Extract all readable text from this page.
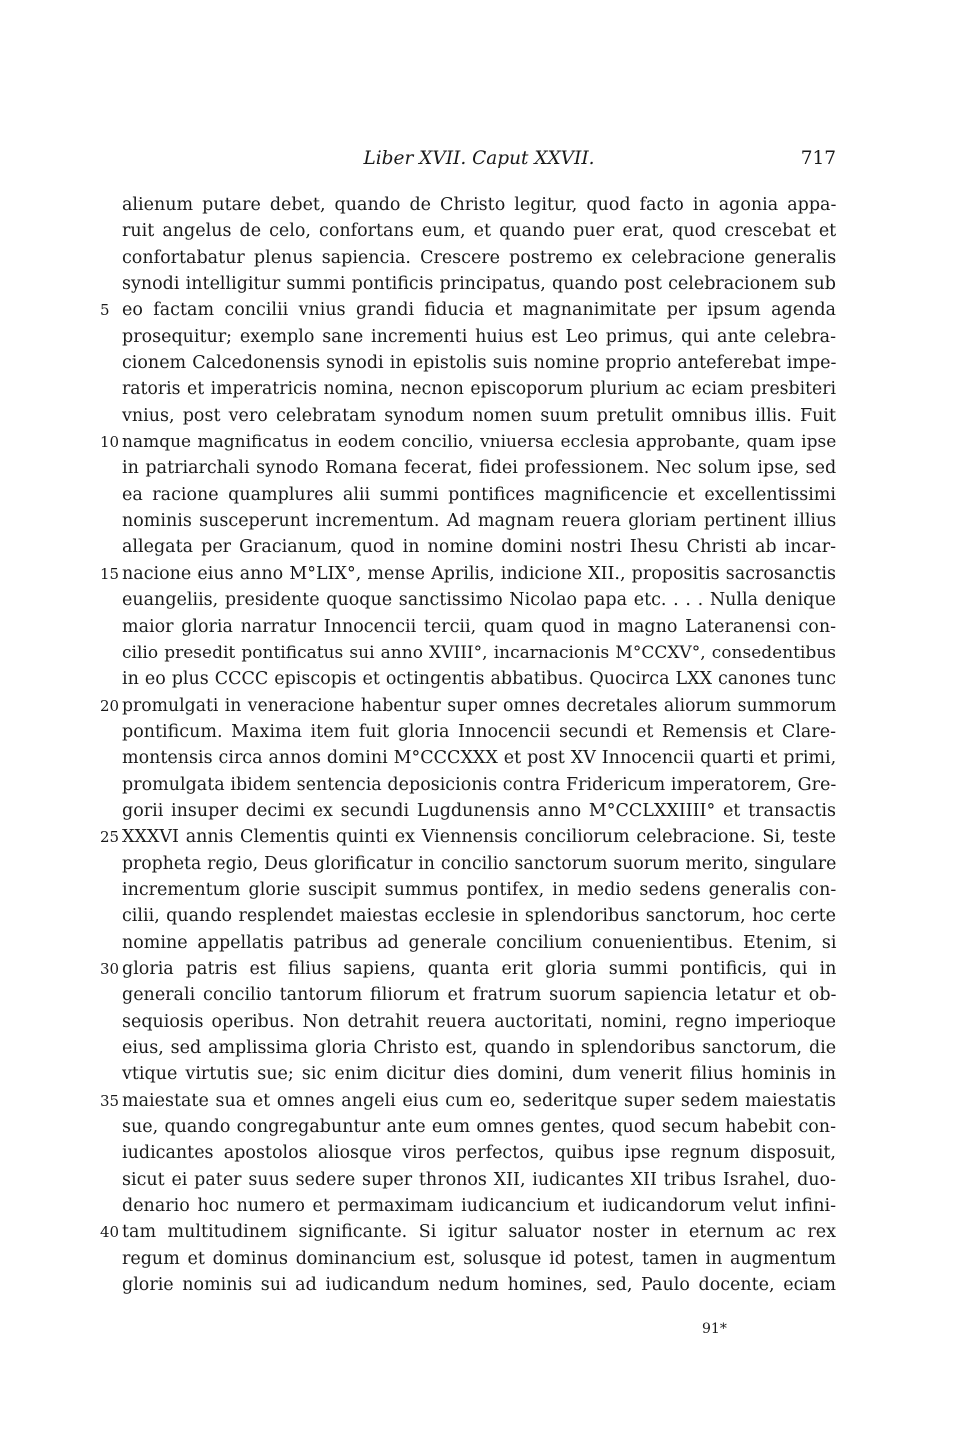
Liber XVII. Caput XXVII.	717
alienum putare debet, quando de Christo legitur, quod facto in agonia appa-
ruit angelus de celo, confortans eum, et quando puer erat, quod crescebat et
confortabatur plenus sapiencia. Crescere postremo ex celebracione generalis
synodi intelligitur summi pontificis principatus, quando post celebracionem sub
5 eo factam concilii vnius grandi fiducia et magnanimitate per ipsum agenda
prosequitur; exemplo sane incrementi huius est Leo primus, qui ante celebra-
cionem Calcedonensis synodi in epistolis suis nomine proprio anteferebat impe-
ratoris et imperatricis nomina, necnon episcoporum plurium ac eciam presbiteri
vnius, post vero celebratam synodum nomen suum pretulit omnibus illis. Fuit
10 namque magnificatus in eodem concilio, vniuersa ecclesia approbante, quam ipse
in patriarchali synodo Romana fecerat, fidei professionem. Nec solum ipse, sed
ea racione quamplures alii summi pontifices magnificencie et excellentissimi
nominis susceperunt incrementum. Ad magnam reuera gloriam pertinent illius
allegata per Gracianum, quod in nomine domini nostri Ihesu Christi ab incar-
15 nacione eius anno M°LIX°, mense Aprilis, indicione XII., propositis sacrosanctis
euangeliis, presidente quoque sanctissimo Nicolao papa etc. . . . Nulla denique
maior gloria narratur Innocencii tercii, quam quod in magno Lateranensi con-
cilio presedit pontificatus sui anno XVIII°, incarnacionis M°CCXV°, consedentibus
in eo plus CCCC episcopis et octingentis abbatibus. Quocirca LXX canones tunc
20 promulgati in veneracione habentur super omnes decretales aliorum summorum
pontificum. Maxima item fuit gloria Innocencii secundi et Remensis et Clare-
montensis circa annos domini M°CCCXXX et post XV Innocencii quarti et primi,
promulgata ibidem sentencia deposicionis contra Fridericum imperatorem, Gre-
gorii insuper decimi ex secundi Lugdunensis anno M°CCLXXIIII° et transactis
25 XXXVI annis Clementis quinti ex Viennensis conciliorum celebracione. Si, teste
propheta regio, Deus glorificatur in concilio sanctorum suorum merito, singulare
incrementum glorie suscipit summus pontifex, in medio sedens generalis con-
cilii, quando resplendet maiestas ecclesie in splendoribus sanctorum, hoc certe
nomine appellatis patribus ad generale concilium conuenientibus. Etenim, si
30 gloria patris est filius sapiens, quanta erit gloria summi pontificis, qui in
generali concilio tantorum filiorum et fratrum suorum sapiencia letatur et ob-
sequiosis operibus. Non detrahit reuera auctoritati, nomini, regno imperioque
eius, sed amplissima gloria Christo est, quando in splendoribus sanctorum, die
vtique virtutis sue; sic enim dicitur dies domini, dum venerit filius hominis in
35 maiestate sua et omnes angeli eius cum eo, sederitque super sedem maiestatis
sue, quando congregabuntur ante eum omnes gentes, quod secum habebit con-
iudicantes apostolos aliosque viros perfectos, quibus ipse regnum disposuit,
sicut ei pater suus sedere super thronos XII, iudicantes XII tribus Israhel, duo-
denario hoc numero et permaximam iudicancium et iudicandorum velut infini-
40 tam multitudinem significante. Si igitur saluator noster in eternum ac rex
regum et dominus dominancium est, solusque id potest, tamen in augmentum
glorie nominis sui ad iudicandum nedum homines, sed, Paulo docente, eciam
91*
